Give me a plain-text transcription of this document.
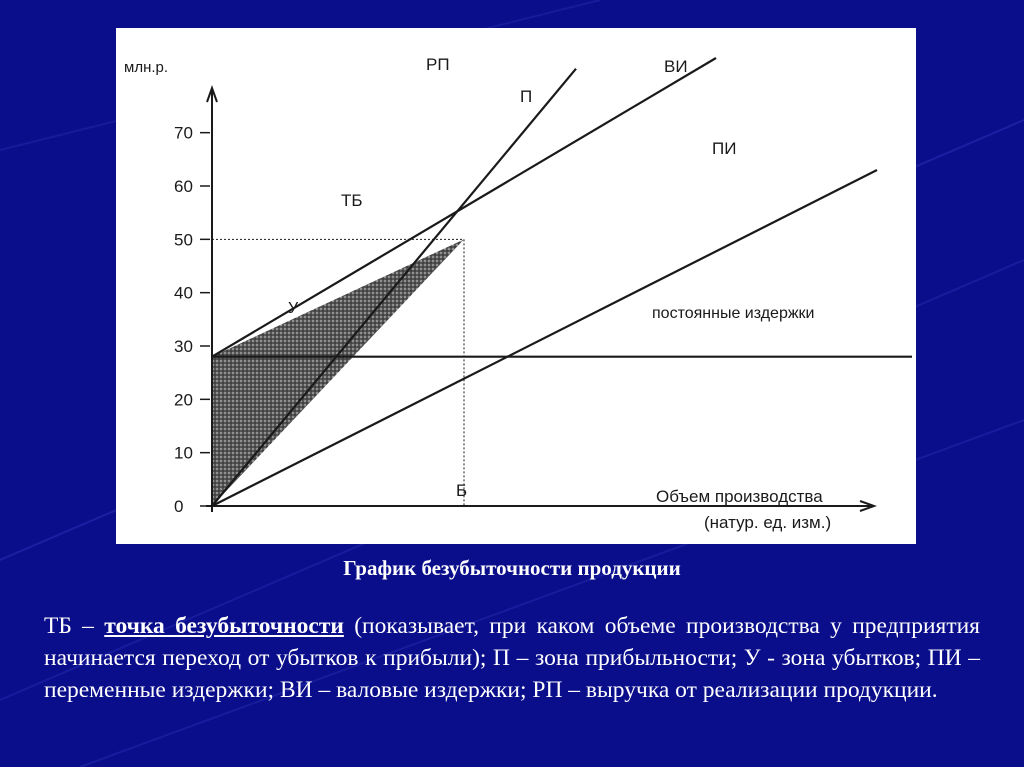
0
10
20
30
40
50
60
70
млн.р.
Объем производства
(натур. ед. изм.)
РП	ВИ
ПИ
постоянные издержки
ТБ
Б
П
У
График безубыточности продукции
ТБ – точка безубыточности (показывает, при каком объеме производства у предприятия начинается переход от убытков к прибыли); П – зона прибыльности; У - зона убытков; ПИ – переменные издержки; ВИ – валовые издержки; РП – выручка от реализации продукции.
